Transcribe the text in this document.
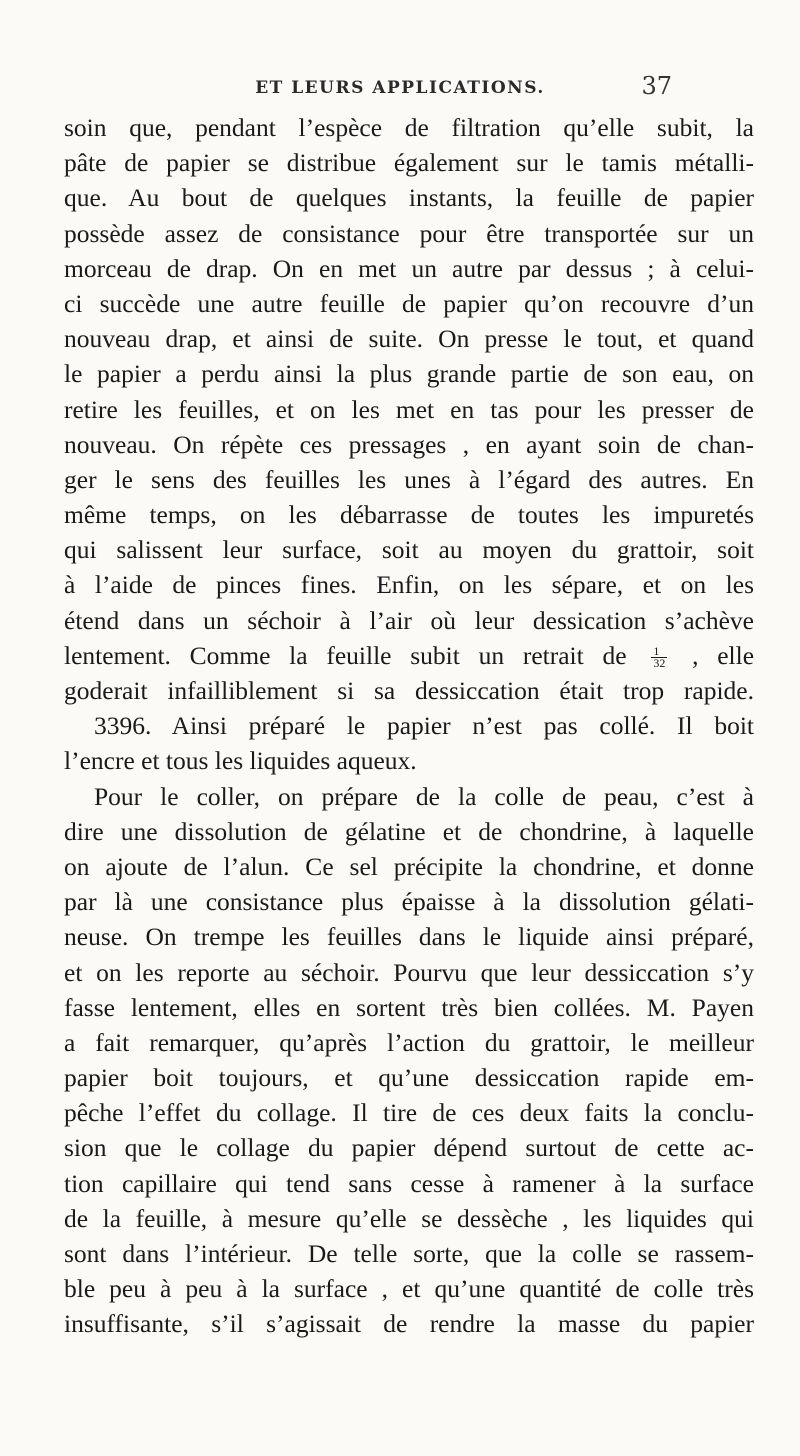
ET LEURS APPLICATIONS.	37
soin que, pendant l’espèce de filtration qu’elle subit, la
pâte de papier se distribue également sur le tamis métalli-
que. Au bout de quelques instants, la feuille de papier
possède assez de consistance pour être transportée sur un
morceau de drap. On en met un autre par dessus ; à celui-
ci succède une autre feuille de papier qu’on recouvre d’un
nouveau drap, et ainsi de suite. On presse le tout, et quand
le papier a perdu ainsi la plus grande partie de son eau, on
retire les feuilles, et on les met en tas pour les presser de
nouveau. On répète ces pressages , en ayant soin de chan-
ger le sens des feuilles les unes à l’égard des autres. En
même temps, on les débarrasse de toutes les impuretés
qui salissent leur surface, soit au moyen du grattoir, soit
à l’aide de pinces fines. Enfin, on les sépare, et on les
étend dans un séchoir à l’air où leur dessication s’achève
lentement. Comme la feuille subit un retrait de $\frac{1}{32}$ , elle
goderait infailliblement si sa dessiccation était trop rapide.
3396. Ainsi préparé le papier n’est pas collé. Il boit
l’encre et tous les liquides aqueux.
Pour le coller, on prépare de la colle de peau, c’est à
dire une dissolution de gélatine et de chondrine, à laquelle
on ajoute de l’alun. Ce sel précipite la chondrine, et donne
par là une consistance plus épaisse à la dissolution gélati-
neuse. On trempe les feuilles dans le liquide ainsi préparé,
et on les reporte au séchoir. Pourvu que leur dessiccation s’y
fasse lentement, elles en sortent très bien collées. M. Payen
a fait remarquer, qu’après l’action du grattoir, le meilleur
papier boit toujours, et qu’une dessiccation rapide em-
pêche l’effet du collage. Il tire de ces deux faits la conclu-
sion que le collage du papier dépend surtout de cette ac-
tion capillaire qui tend sans cesse à ramener à la surface
de la feuille, à mesure qu’elle se dessèche , les liquides qui
sont dans l’intérieur. De telle sorte, que la colle se rassem-
ble peu à peu à la surface , et qu’une quantité de colle très
insuffisante, s’il s’agissait de rendre la masse du papier
